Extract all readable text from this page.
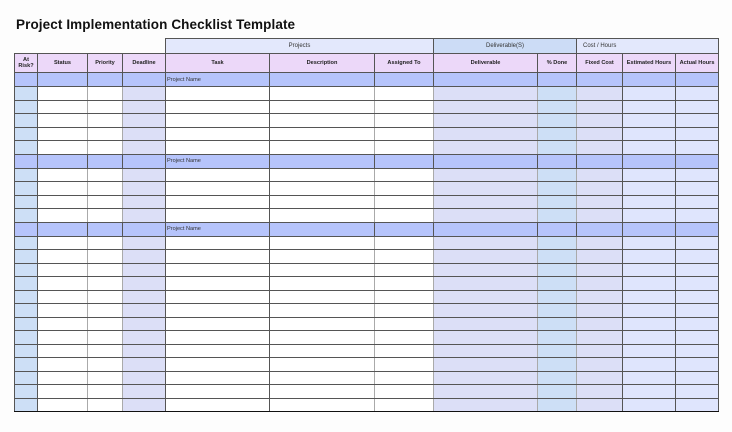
Project Implementation Checklist Template
				Projects			Deliverable(S)		Cost / Hours		
At Risk?	Status	Priority	Deadline	Task	Description	Assigned To	Deliverable	% Done	Fixed Cost	Estimated Hours	Actual Hours
				Project Name							

				Project Name							

				Project Name							
